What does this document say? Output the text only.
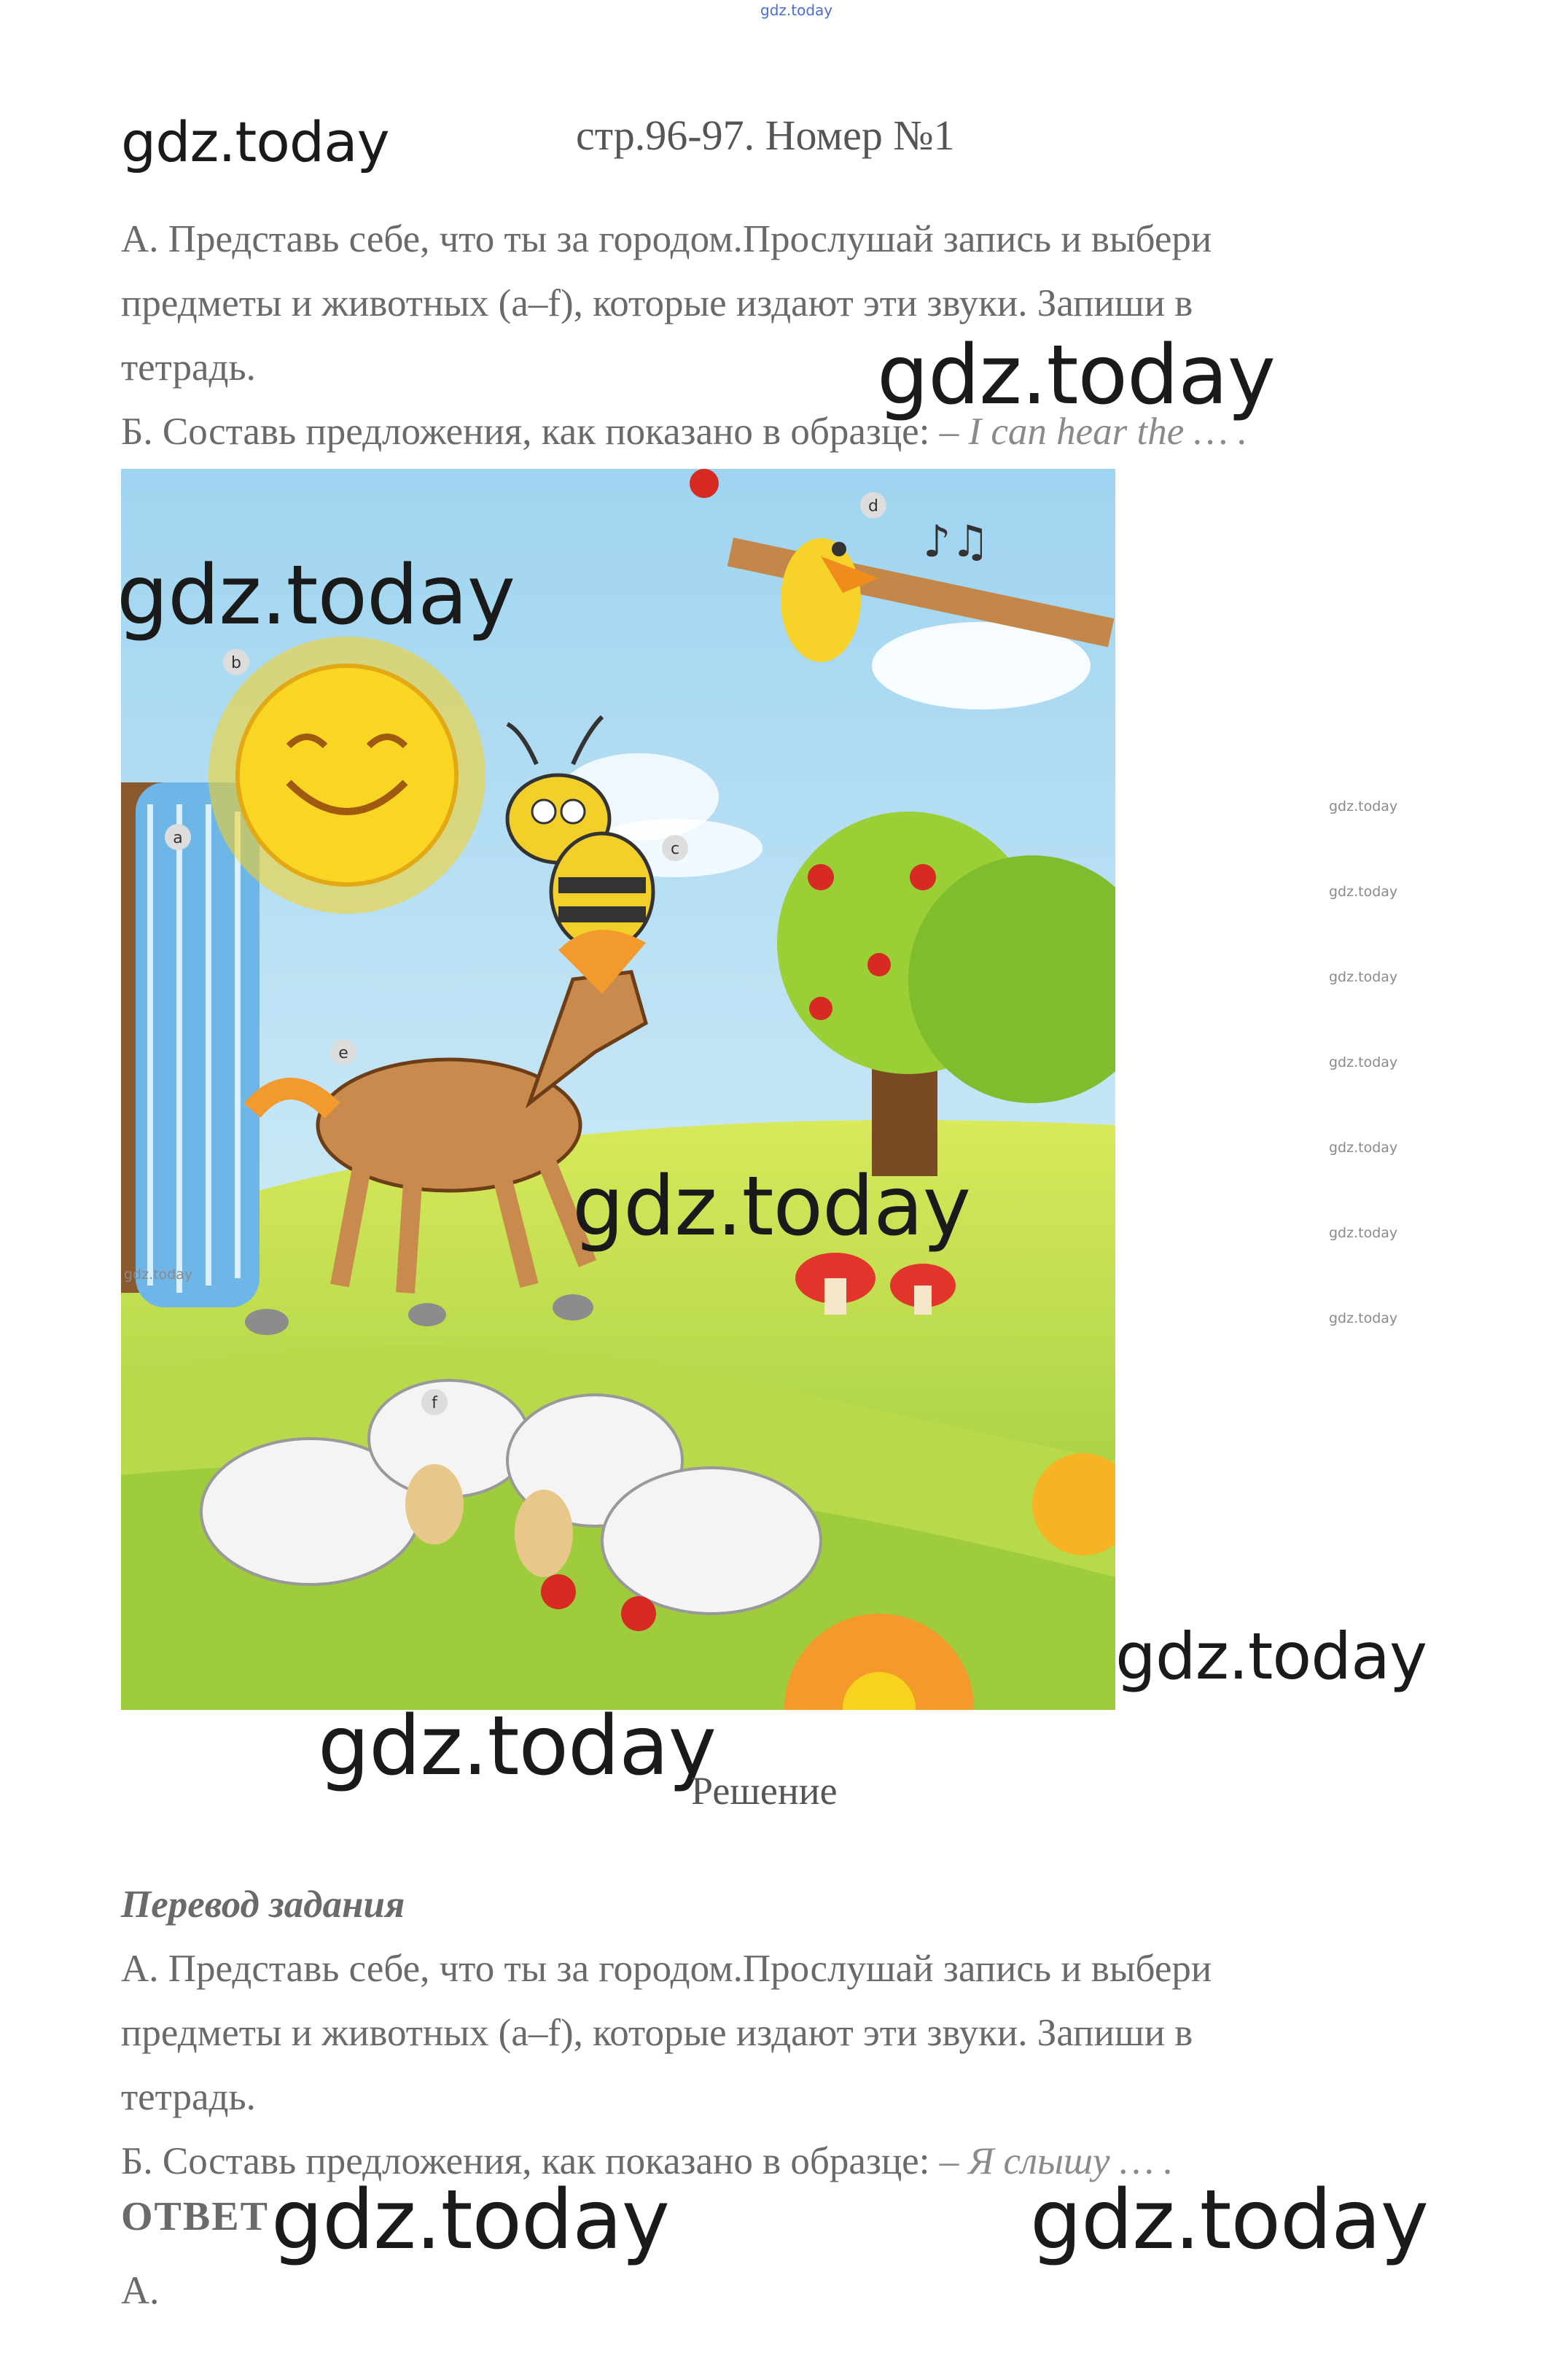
gdz.today
gdz.today	стр.96-97. Номер №1
А. Представь себе, что ты за городом.Прослушай запись и выбери
предметы и животных (a–f), которые издают эти звуки. Запиши в
тетрадь.
Б. Составь предложения, как показано в образце: – I can hear the … .
gdz.today
♪♫
a
b
c
d
e
f
gdz.today
gdz.today
gdz.today
gdz.today
gdz.today
gdz.today
gdz.today
gdz.today
gdz.today
gdz.today
gdz.today
gdz.today
Решение
Перевод задания
А. Представь себе, что ты за городом.Прослушай запись и выбери
предметы и животных (a–f), которые издают эти звуки. Запиши в
тетрадь.
Б. Составь предложения, как показано в образце: – Я слышу … .
ОТВЕТ gdz.today	gdz.today
А.
